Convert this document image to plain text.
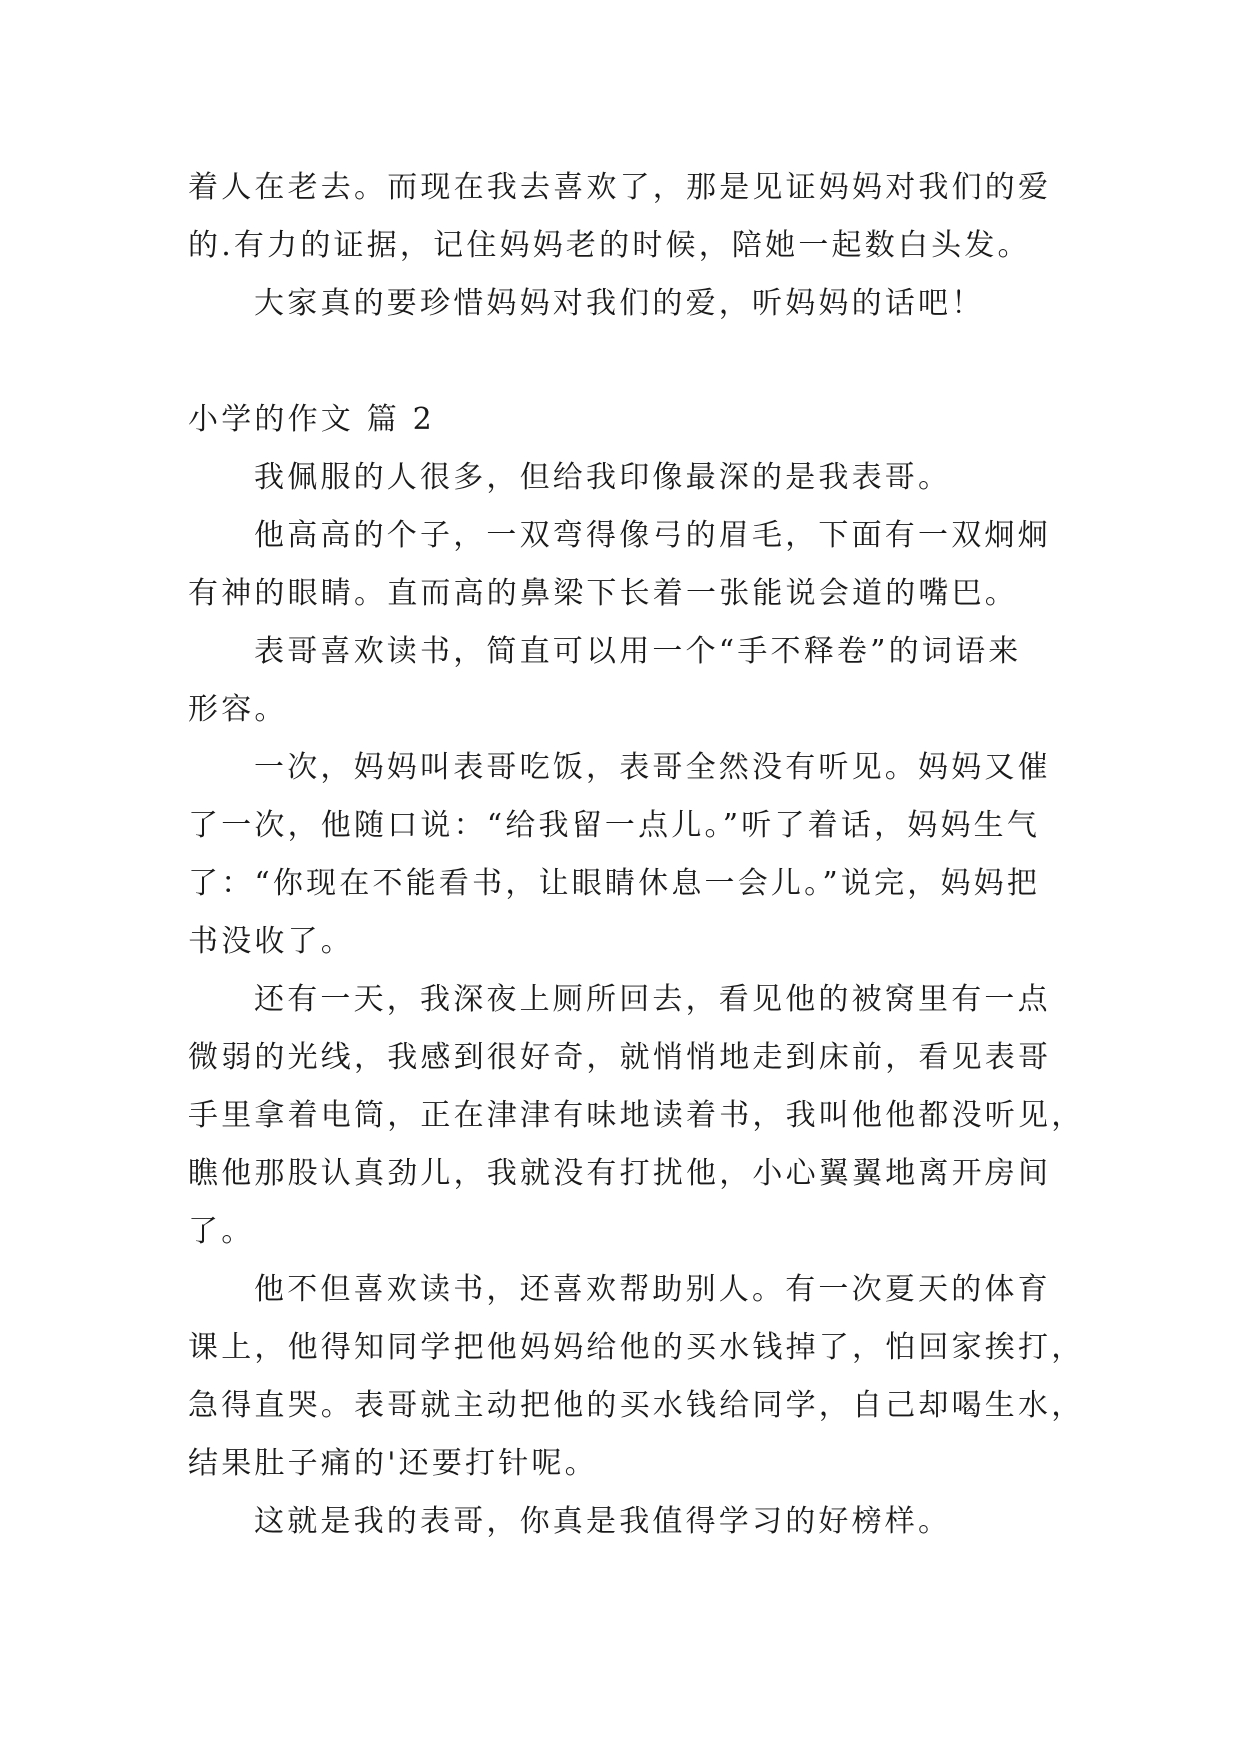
着人在老去。而现在我去喜欢了，那是见证妈妈对我们的爱
的.有力的证据，记住妈妈老的时候，陪她一起数白头发。
大家真的要珍惜妈妈对我们的爱，听妈妈的话吧！
小学的作文 篇 2
我佩服的人很多，但给我印像最深的是我表哥。
他高高的个子，一双弯得像弓的眉毛，下面有一双炯炯
有神的眼睛。直而高的鼻梁下长着一张能说会道的嘴巴。
表哥喜欢读书，简直可以用一个“手不释卷”的词语来
形容。
一次，妈妈叫表哥吃饭，表哥全然没有听见。妈妈又催
了一次，他随口说：“给我留一点儿。”听了着话，妈妈生气
了：“你现在不能看书，让眼睛休息一会儿。”说完，妈妈把
书没收了。
还有一天，我深夜上厕所回去，看见他的被窝里有一点
微弱的光线，我感到很好奇，就悄悄地走到床前，看见表哥
手里拿着电筒，正在津津有味地读着书，我叫他他都没听见，
瞧他那股认真劲儿，我就没有打扰他，小心翼翼地离开房间
了。
他不但喜欢读书，还喜欢帮助别人。有一次夏天的体育
课上，他得知同学把他妈妈给他的买水钱掉了，怕回家挨打，
急得直哭。表哥就主动把他的买水钱给同学，自己却喝生水，
结果肚子痛的'还要打针呢。
这就是我的表哥，你真是我值得学习的好榜样。
